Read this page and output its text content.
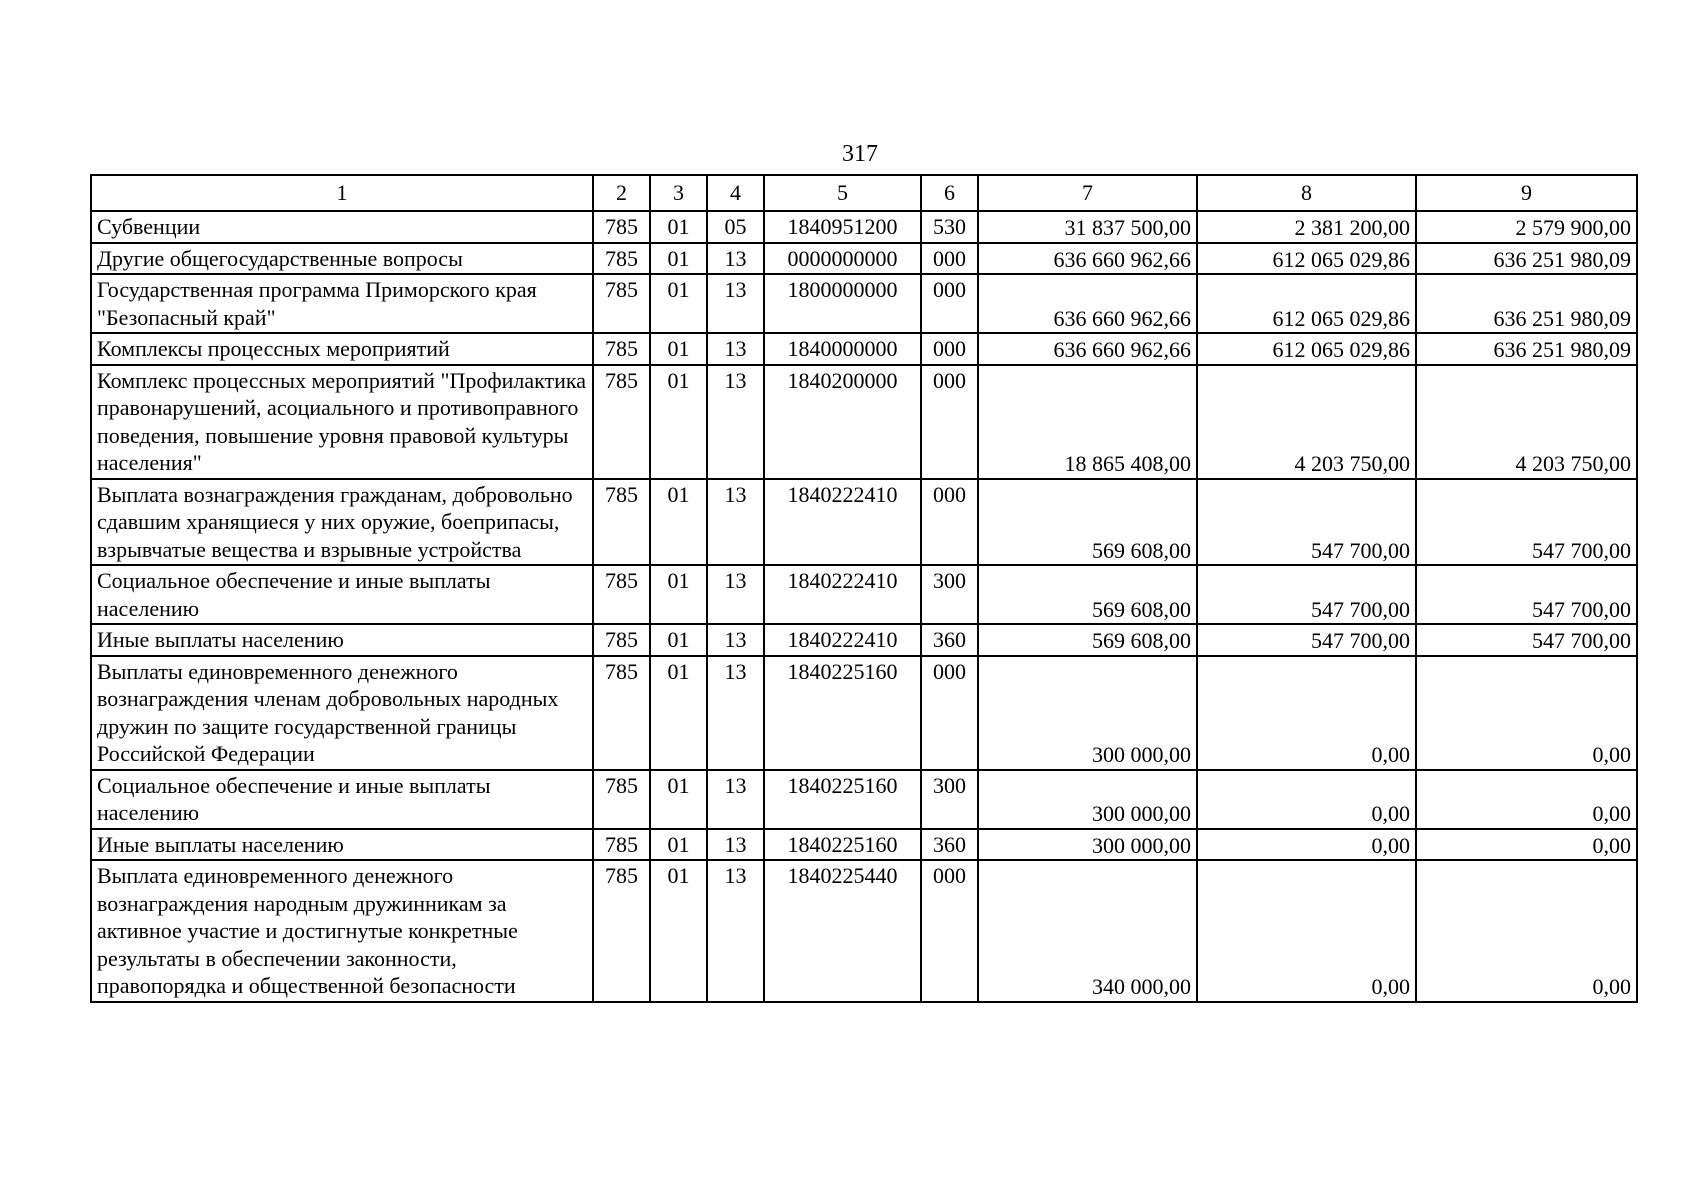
317
1	2	3	4	5	6	7	8	9
Субвенции	785	01	05	1840951200	530	31 837 500,00	2 381 200,00	2 579 900,00
Другие общегосударственные вопросы	785	01	13	0000000000	000	636 660 962,66	612 065 029,86	636 251 980,09
Государственная программа Приморского края "Безопасный край"	785	01	13	1800000000	000	636 660 962,66	612 065 029,86	636 251 980,09
Комплексы процессных мероприятий	785	01	13	1840000000	000	636 660 962,66	612 065 029,86	636 251 980,09
Комплекс процессных мероприятий "Профилактика правонарушений, асоциального и противоправного поведения, повышение уровня правовой культуры населения"	785	01	13	1840200000	000	18 865 408,00	4 203 750,00	4 203 750,00
Выплата вознаграждения гражданам, добровольно сдавшим хранящиеся у них оружие, боеприпасы, взрывчатые вещества и взрывные устройства	785	01	13	1840222410	000	569 608,00	547 700,00	547 700,00
Социальное обеспечение и иные выплаты населению	785	01	13	1840222410	300	569 608,00	547 700,00	547 700,00
Иные выплаты населению	785	01	13	1840222410	360	569 608,00	547 700,00	547 700,00
Выплаты единовременного денежного вознаграждения членам добровольных народных дружин по защите государственной границы Российской Федерации	785	01	13	1840225160	000	300 000,00	0,00	0,00
Социальное обеспечение и иные выплаты населению	785	01	13	1840225160	300	300 000,00	0,00	0,00
Иные выплаты населению	785	01	13	1840225160	360	300 000,00	0,00	0,00
Выплата единовременного денежного вознаграждения народным дружинникам за активное участие и достигнутые конкретные результаты в обеспечении законности, правопорядка и общественной безопасности	785	01	13	1840225440	000	340 000,00	0,00	0,00
